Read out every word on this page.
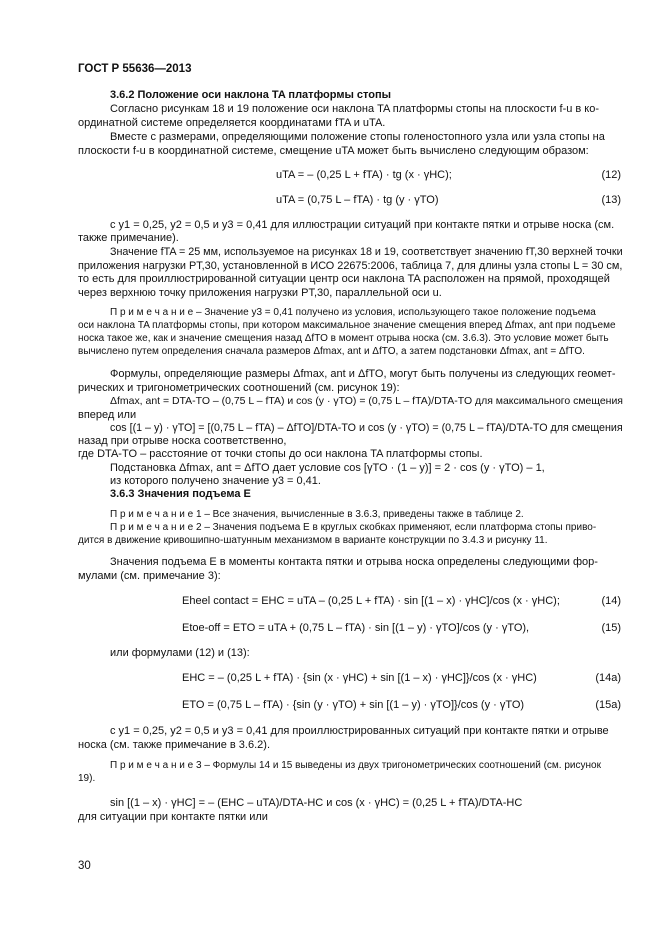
ГОСТ Р 55636—2013
3.6.2 Положение оси наклона TA платформы стопы
Согласно рисункам 18 и 19 положение оси наклона TA платформы стопы на плоскости f-u в ко-
ординатной системе определяется координатами fTA и uTA.
Вместе с размерами, определяющими положение стопы голеностопного узла или узла стопы на
плоскости f-u в координатной системе, смещение uTA может быть вычислено следующим образом:
uTA = – (0,25 L + fTA) · tg (x · γHC);	(12)
uTA = (0,75 L – fTA) · tg (y · γTO)	(13)
с y1 = 0,25, y2 = 0,5 и y3 = 0,41 для иллюстрации ситуаций при контакте пятки и отрыве носка (см.
также примечание).
Значение fTA = 25 мм, используемое на рисунках 18 и 19, соответствует значению fT,30 верхней точки
приложения нагрузки PT,30, установленной в ИСО 22675:2006, таблица 7, для длины узла стопы L = 30 см,
то есть для проиллюстрированной ситуации центр оси наклона TA расположен на прямой, проходящей
через верхнюю точку приложения нагрузки PT,30, параллельной оси u.
П р и м е ч а н и е – Значение y3 = 0,41 получено из условия, использующего такое положение подъема
оси наклона TA платформы стопы, при котором максимальное значение смещения вперед Δfmax, ant при подъеме
носка такое же, как и значение смещения назад ΔfTO в момент отрыва носка (см. 3.6.3). Это условие может быть
вычислено путем определения сначала размеров Δfmax, ant и ΔfTO, а затем подстановки Δfmax, ant = ΔfTO.
Формулы, определяющие размеры Δfmax, ant и ΔfTO, могут быть получены из следующих геомет-
рических и тригонометрических соотношений (см. рисунок 19):
Δfmax, ant = DTA-TO – (0,75 L – fTA) и cos (y · γTO) = (0,75 L – fTA)/DTA-TO для максимального смещения
вперед или
cos [(1 – y) · γTO] = [(0,75 L – fTA) – ΔfTO]/DTA-TO и cos (y · γTO) = (0,75 L – fTA)/DTA-TO для смещения
назад при отрыве носка соответственно,
где DTA-TO – расстояние от точки стопы до оси наклона TA платформы стопы.
Подстановка Δfmax, ant = ΔfTO дает условие cos [γTO · (1 – y)] = 2 · cos (y · γTO) – 1,
из которого получено значение y3 = 0,41.
3.6.3 Значения подъема E
П р и м е ч а н и е 1 – Все значения, вычисленные в 3.6.3, приведены также в таблице 2.
П р и м е ч а н и е 2 – Значения подъема E в круглых скобках применяют, если платформа стопы приво-
дится в движение кривошипно-шатунным механизмом в варианте конструкции по 3.4.3 и рисунку 11.
Значения подъема E в моменты контакта пятки и отрыва носка определены следующими фор-
мулами (см. примечание 3):
Eheel contact = EHC = uTA – (0,25 L + fTA) · sin [(1 – x) · γHC]/cos (x · γHC);	(14)
Etoe-off = ETO = uTA + (0,75 L – fTA) · sin [(1 – y) · γTO]/cos (y · γTO),	(15)
или формулами (12) и (13):
EHC = – (0,25 L + fTA) · {sin (x · γHC) + sin [(1 – x) · γHC]}/cos (x · γHC)	(14a)
ETO = (0,75 L – fTA) · {sin (y · γTO) + sin [(1 – y) · γTO]}/cos (y · γTO)	(15a)
с y1 = 0,25, y2 = 0,5 и y3 = 0,41 для проиллюстрированных ситуаций при контакте пятки и отрыве
носка (см. также примечание в 3.6.2).
П р и м е ч а н и е 3 – Формулы 14 и 15 выведены из двух тригонометрических соотношений (см. рисунок
19).
sin [(1 – x) · γHC] = – (EHC – uTA)/DTA-HC и cos (x · γHC) = (0,25 L + fTA)/DTA-HC
для ситуации при контакте пятки или
30
